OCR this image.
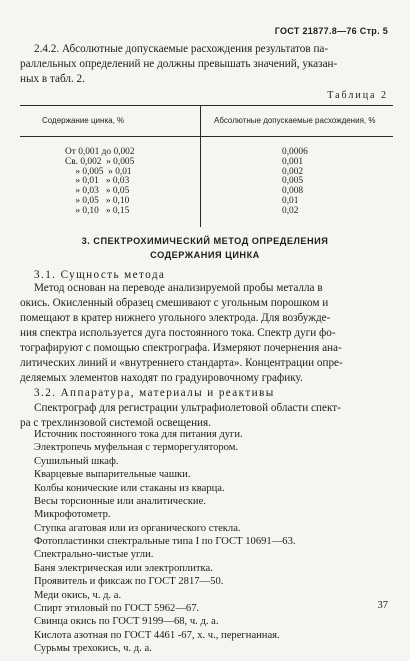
ГОСТ 21877.8—76 Стр. 5
2.4.2. Абсолютные допускаемые расхождения результатов па-
раллельных определений не должны превышать значений, указан-
ных в табл. 2.
Таблица 2
Содержание цинка, %	Абсолютные допускаемые расхождения, %
От 0,001 до 0,002
Св. 0,002  » 0,005
» 0,005  » 0,01
» 0,01   » 0,03
» 0,03   » 0,05
» 0,05   » 0,10
» 0,10   » 0,15
0,0006
0,001
0,002
0,005
0,008
0,01
0,02
3. СПЕКТРОХИМИЧЕСКИЙ МЕТОД ОПРЕДЕЛЕНИЯ
СОДЕРЖАНИЯ ЦИНКА
3.1. Сущность метода
Метод основан на переводе анализируемой пробы металла в
окись. Окисленный образец смешивают с угольным порошком и
помещают в кратер нижнего угольного электрода. Для возбужде-
ния спектра используется дуга постоянного тока. Спектр дуги фо-
тографируют с помощью спектрографа. Измеряют почернения ана-
литических линий и «внутреннего стандарта». Концентрации опре-
деляемых элементов находят по градуировочному графику.
3.2. Аппаратура, материалы и реактивы
Спектрограф для регистрации ультрафиолетовой области спект-
ра с трехлинзовой системой освещения.
Источник постоянного тока для питания дуги.
Электропечь муфельная с терморегулятором.
Сушильный шкаф.
Кварцевые выпарительные чашки.
Колбы конические или стаканы из кварца.
Весы торсионные или аналитические.
Микрофотометр.
Ступка агатовая или из органического стекла.
Фотопластинки спектральные типа I по ГОСТ 10691—63.
Спектрально-чистые угли.
Баня электрическая или электроплитка.
Проявитель и фиксаж по ГОСТ 2817—50.
Меди окись, ч. д. а.
Спирт этиловый по ГОСТ 5962—67.
Свинца окись по ГОСТ 9199—68, ч. д. а.
Кислота азотная по ГОСТ 4461 -67, х. ч., перегнанная.
Сурьмы трехокись, ч. д. а.
37
